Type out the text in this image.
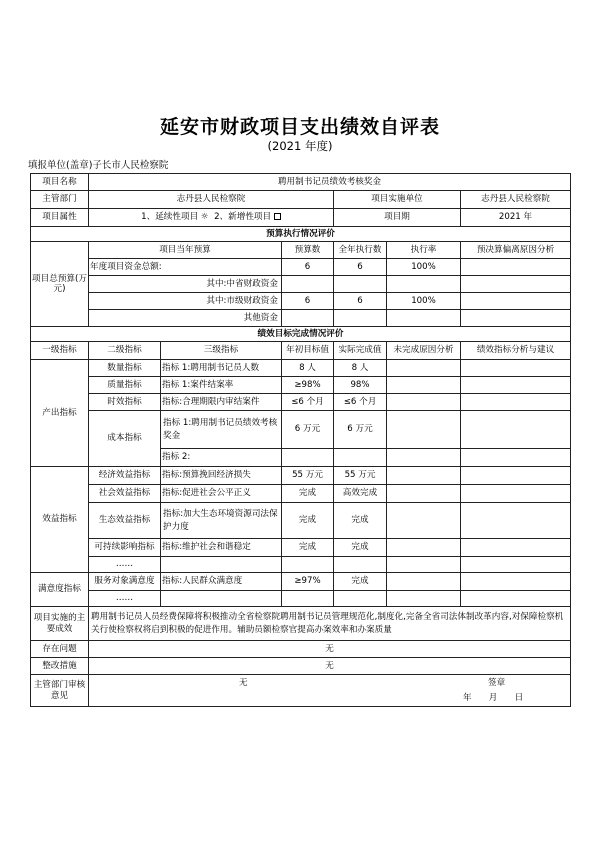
延安市财政项目支出绩效自评表
(2021 年度)
填报单位(盖章)子长市人民检察院
项目名称	聘用制书记员绩效考核奖金					
主管部门	志丹县人民检察院			项目实施单位		志丹县人民检察院
项目属性	1、延续性项目 ☼ 2、新增性项目			项目期		2021 年
预算执行情况评价						
项目总预算(万元)	项目当年预算		预算数	全年执行数	执行率	预决算偏离原因分析
	年度项目资金总额:		6	6	100%	
	其中:中省财政资金					
	其中:市级财政资金		6	6	100%	
	其他资金					
绩效目标完成情况评价						
一级指标	二级指标	三级指标	年初目标值	实际完成值	未完成原因分析	绩效指标分析与建议
产出指标	数量指标	指标 1:聘用制书记员人数	8 人	8 人		
	质量指标	指标 1:案件结案率	≥98%	98%		
	时效指标	指标:合理期限内审结案件	≤6 个月	≤6 个月		
	成本指标	指标 1:聘用制书记员绩效考核奖金	6 万元	6 万元		
		指标 2:				
效益指标	经济效益指标	指标:预算挽回经济损失	55 万元	55 万元		
	社会效益指标	指标:促进社会公平正义	完成	高效完成		
	生态效益指标	指标:加大生态环境资源司法保护力度	完成	完成		
	可持续影响指标	指标:维护社会和谐稳定	完成	完成		
	……					
满意度指标	服务对象满意度	指标:人民群众满意度	≥97%	完成		
	……					
项目实施的主要成效	聘用制书记员人员经费保障将积极推动全省检察院聘用制书记员管理规范化,制度化,完备全省司法体制改革内容,对保障检察机关行使检察权将启到积极的促进作用。辅助员额检察官提高办案效率和办案质量					
存在问题	无					
整改措施	无					
主管部门审核意见	无 签章
年　　月　　日					
